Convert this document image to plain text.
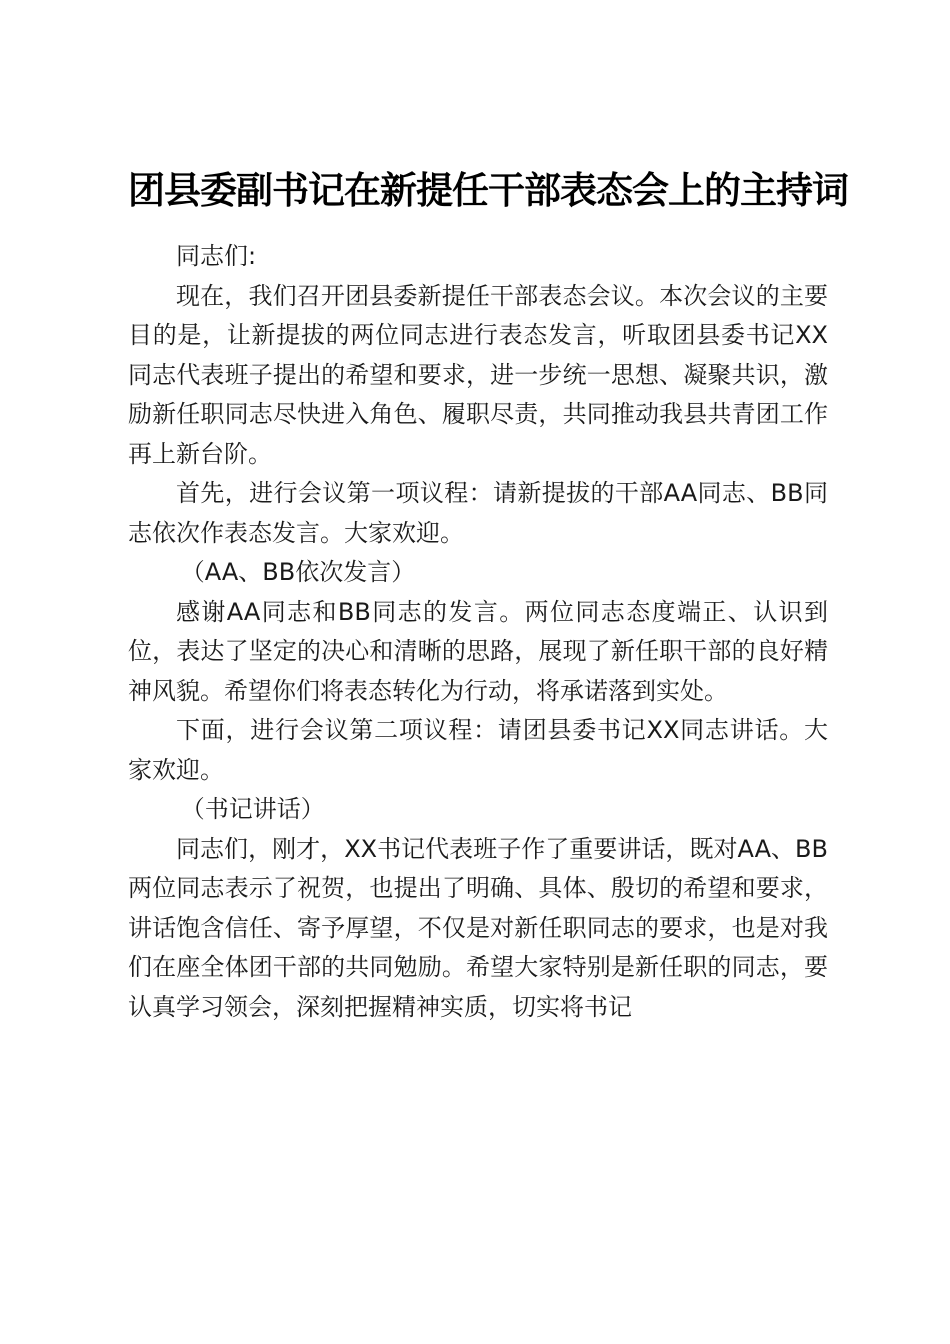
团县委副书记在新提任干部表态会上的主持词

同志们:

现在，我们召开团县委新提任干部表态会议。本次会议的主要目的是，让新提拔的两位同志进行表态发言，听取团县委书记XX同志代表班子提出的希望和要求，进一步统一思想、凝聚共识，激励新任职同志尽快进入角色、履职尽责，共同推动我县共青团工作再上新台阶。

首先，进行会议第一项议程：请新提拔的干部AA同志、BB同志依次作表态发言。大家欢迎。

（AA、BB依次发言）

感谢AA同志和BB同志的发言。两位同志态度端正、认识到位，表达了坚定的决心和清晰的思路，展现了新任职干部的良好精神风貌。希望你们将表态转化为行动，将承诺落到实处。

下面，进行会议第二项议程：请团县委书记XX同志讲话。大家欢迎。

（书记讲话）

同志们，刚才，XX书记代表班子作了重要讲话，既对AA、BB两位同志表示了祝贺，也提出了明确、具体、殷切的希望和要求，讲话饱含信任、寄予厚望，不仅是对新任职同志的要求，也是对我们在座全体团干部的共同勉励。希望大家特别是新任职的同志，要认真学习领会，深刻把握精神实质，切实将书记
